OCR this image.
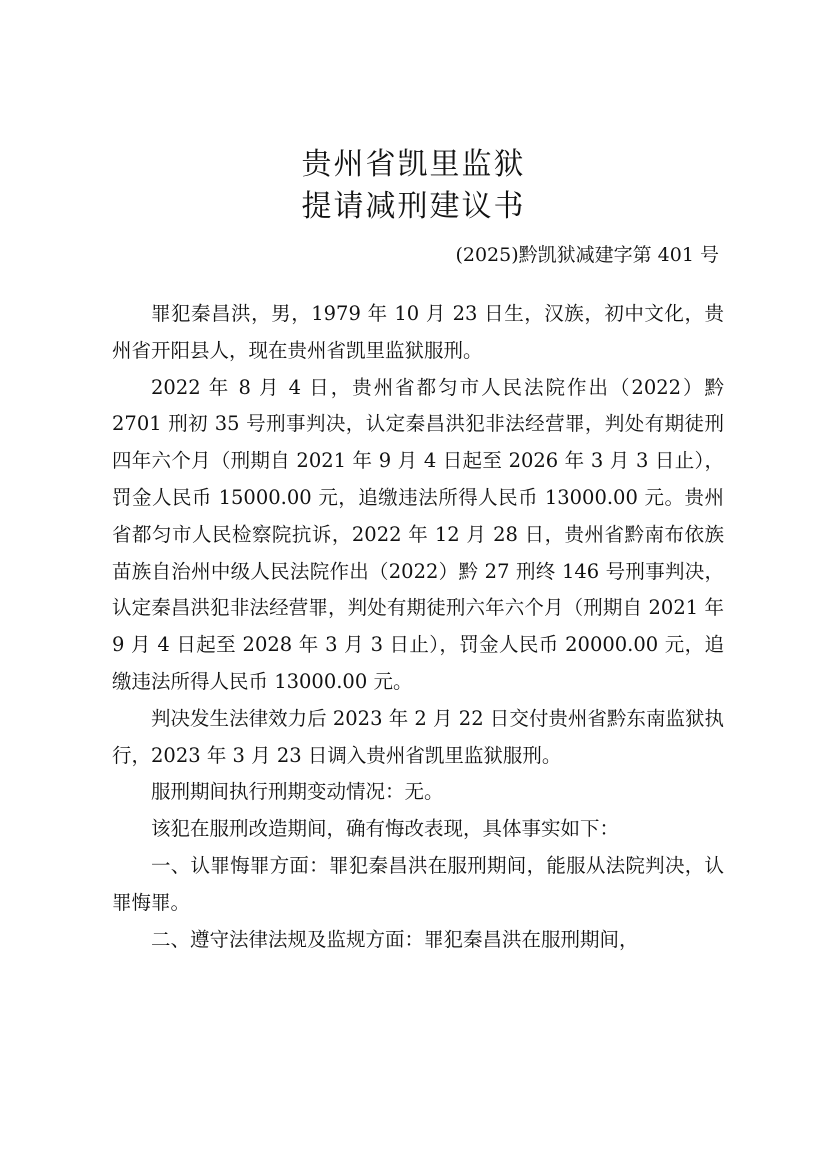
贵州省凯里监狱
提请减刑建议书
(2025)黔凯狱减建字第 401 号

罪犯秦昌洪，男，1979 年 10 月 23 日生，汉族，初中文化，贵州省开阳县人，现在贵州省凯里监狱服刑。

2022 年 8 月 4 日，贵州省都匀市人民法院作出（2022）黔2701 刑初 35 号刑事判决，认定秦昌洪犯非法经营罪，判处有期徒刑四年六个月（刑期自 2021 年 9 月 4 日起至 2026 年 3 月 3 日止），罚金人民币 15000.00 元，追缴违法所得人民币 13000.00 元。贵州省都匀市人民检察院抗诉，2022 年 12 月 28 日，贵州省黔南布依族苗族自治州中级人民法院作出（2022）黔 27 刑终 146 号刑事判决，认定秦昌洪犯非法经营罪，判处有期徒刑六年六个月（刑期自 2021 年 9 月 4 日起至 2028 年 3 月 3 日止），罚金人民币 20000.00 元，追缴违法所得人民币 13000.00 元。

判决发生法律效力后 2023 年 2 月 22 日交付贵州省黔东南监狱执行，2023 年 3 月 23 日调入贵州省凯里监狱服刑。

服刑期间执行刑期变动情况：无。

该犯在服刑改造期间，确有悔改表现，具体事实如下：

一、认罪悔罪方面：罪犯秦昌洪在服刑期间，能服从法院判决，认罪悔罪。

二、遵守法律法规及监规方面：罪犯秦昌洪在服刑期间，
